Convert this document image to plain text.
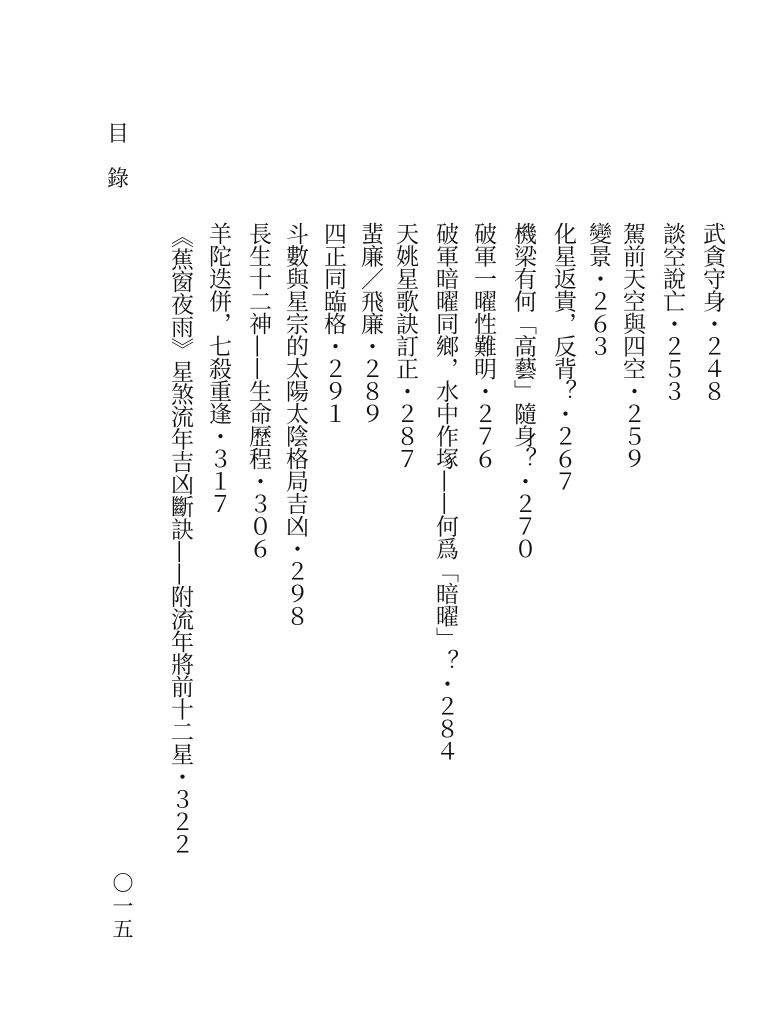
目
錄
武貪守身・２４８
談空說亡・２５３
駕前天空與四空・２５９
變景・２６３
化星返貴，反背？・２６７
機梁有何「高藝」隨身？・２７０
破軍一曜性難明・２７６
破軍暗曜同鄉，水中作塚——何爲「暗曜」？・２８４
天姚星歌訣訂正・２８７
蜚廉／飛廉・２８９
四正同臨格・２９１
斗數與星宗的太陽太陰格局吉凶・２９８
長生十二神——生命歷程・３０６
羊陀迭併，七殺重逢・３１７
《蕉窗夜雨》星煞流年吉凶斷訣——附流年將前十二星・３２２
〇一五
